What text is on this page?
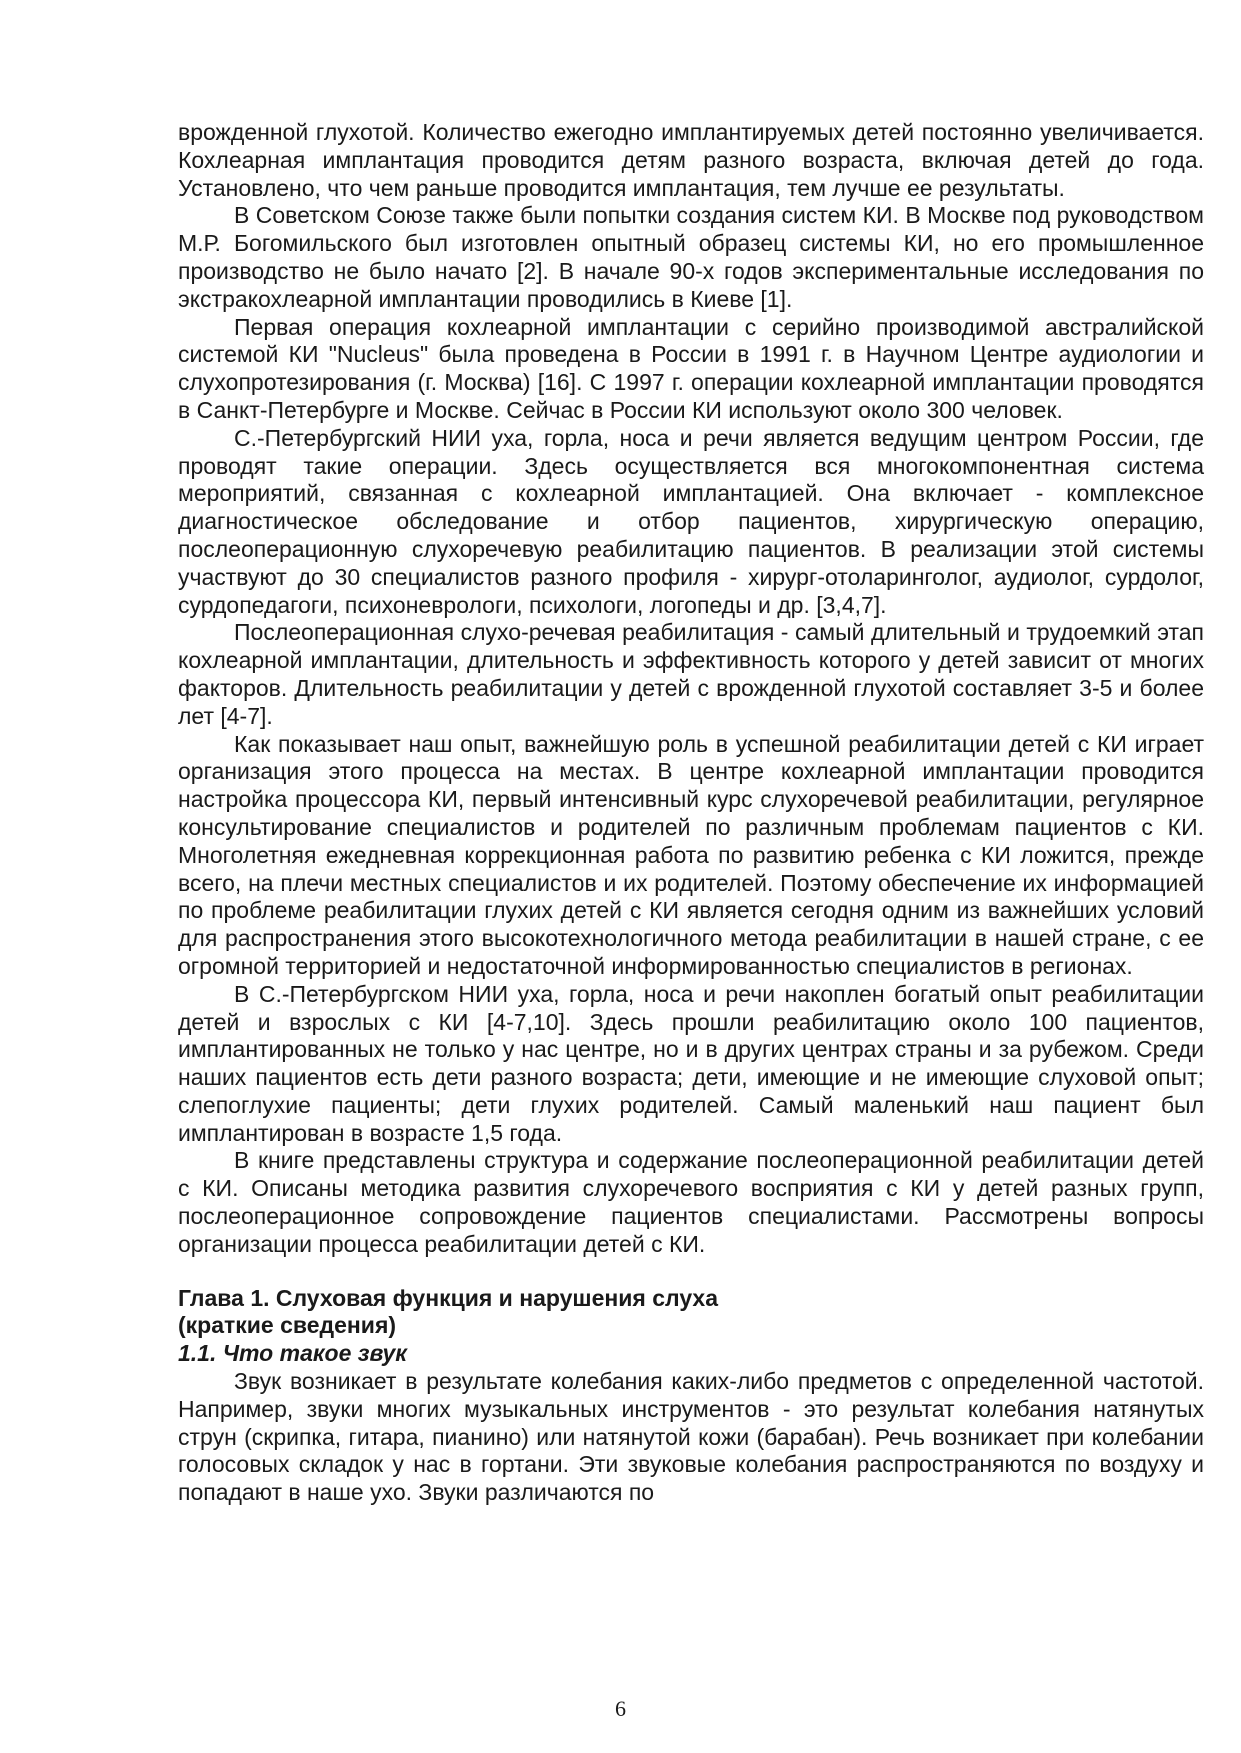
врожденной глухотой. Количество ежегодно имплантируемых детей постоянно увеличивается. Кохлеарная имплантация проводится детям разного возраста, включая детей до года. Установлено, что чем раньше проводится имплантация, тем лучше ее результаты.

В Советском Союзе также были попытки создания систем КИ. В Москве под руководством М.Р. Богомильского был изготовлен опытный образец системы КИ, но его промышленное производство не было начато [2]. В начале 90-х годов экспериментальные исследования по экстракохлеарной имплантации проводились в Киеве [1].

Первая операция кохлеарной имплантации с серийно производимой австралийской системой КИ "Nucleus" была проведена в России в 1991 г. в Научном Центре аудиологии и слухопротезирования (г. Москва) [16]. С 1997 г. операции кохлеарной имплантации проводятся в Санкт-Петербурге и Москве. Сейчас в России КИ используют около 300 человек.

С.-Петербургский НИИ уха, горла, носа и речи является ведущим центром России, где проводят такие операции. Здесь осуществляется вся многокомпонентная система мероприятий, связанная с кохлеарной имплантацией. Она включает - комплексное диагностическое обследование и отбор пациентов, хирургическую операцию, послеоперационную слухоречевую реабилитацию пациентов. В реализации этой системы участвуют до 30 специалистов разного профиля - хирург-отоларинголог, аудиолог, сурдолог, сурдопедагоги, психоневрологи, психологи, логопеды и др. [3,4,7].

Послеоперационная слухо-речевая реабилитация - самый длительный и трудоемкий этап кохлеарной имплантации, длительность и эффективность которого у детей зависит от многих факторов. Длительность реабилитации у детей с врожденной глухотой составляет 3-5 и более лет [4-7].

Как показывает наш опыт, важнейшую роль в успешной реабилитации детей с КИ играет организация этого процесса на местах. В центре кохлеарной имплантации проводится настройка процессора КИ, первый интенсивный курс слухоречевой реабилитации, регулярное консультирование специалистов и родителей по различным проблемам пациентов с КИ. Многолетняя ежедневная коррекционная работа по развитию ребенка с КИ ложится, прежде всего, на плечи местных специалистов и их родителей. Поэтому обеспечение их информацией по проблеме реабилитации глухих детей с КИ является сегодня одним из важнейших условий для распространения этого высокотехнологичного метода реабилитации в нашей стране, с ее огромной территорией и недостаточной информированностью специалистов в регионах.

В С.-Петербургском НИИ уха, горла, носа и речи накоплен богатый опыт реабилитации детей и взрослых с КИ [4-7,10]. Здесь прошли реабилитацию около 100 пациентов, имплантированных не только у нас центре, но и в других центрах страны и за рубежом. Среди наших пациентов есть дети разного возраста; дети, имеющие и не имеющие слуховой опыт; слепоглухие пациенты; дети глухих родителей. Самый маленький наш пациент был имплантирован в возрасте 1,5 года.

В книге представлены структура и содержание послеоперационной реабилитации детей с КИ. Описаны методика развития слухоречевого восприятия с КИ у детей разных групп, послеоперационное сопровождение пациентов специалистами. Рассмотрены вопросы организации процесса реабилитации детей с КИ.

Глава 1. Слуховая функция и нарушения слуха

(краткие сведения)

1.1. Что такое звук

Звук возникает в результате колебания каких-либо предметов с определенной частотой. Например, звуки многих музыкальных инструментов - это результат колебания натянутых струн (скрипка, гитара, пианино) или натянутой кожи (барабан). Речь возникает при колебании голосовых складок у нас в гортани. Эти звуковые колебания распространяются по воздуху и попадают в наше ухо. Звуки различаются по

6
